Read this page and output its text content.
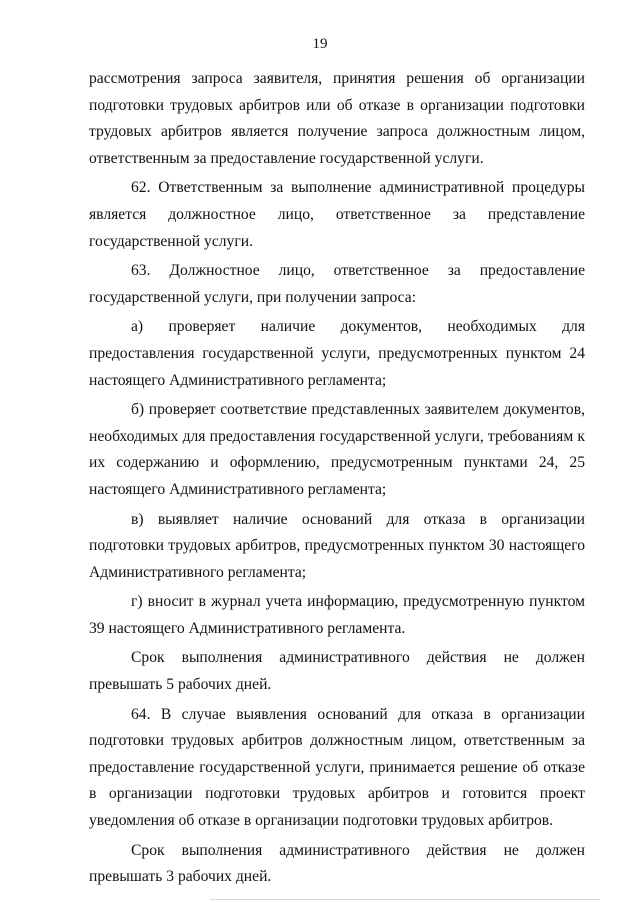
19

рассмотрения запроса заявителя, принятия решения об организации подготовки трудовых арбитров или об отказе в организации подготовки трудовых арбитров является получение запроса должностным лицом, ответственным за предоставление государственной услуги.

62. Ответственным за выполнение административной процедуры является должностное лицо, ответственное за представление государственной услуги.

63. Должностное лицо, ответственное за предоставление государственной услуги, при получении запроса:

а) проверяет наличие документов, необходимых для предоставления государственной услуги, предусмотренных пунктом 24 настоящего Административного регламента;

б) проверяет соответствие представленных заявителем документов, необходимых для предоставления государственной услуги, требованиям к их содержанию и оформлению, предусмотренным пунктами 24, 25 настоящего Административного регламента;

в) выявляет наличие оснований для отказа в организации подготовки трудовых арбитров, предусмотренных пунктом 30 настоящего Административного регламента;

г) вносит в журнал учета информацию, предусмотренную пунктом 39 настоящего Административного регламента.

Срок выполнения административного действия не должен превышать 5 рабочих дней.

64. В случае выявления оснований для отказа в организации подготовки трудовых арбитров должностным лицом, ответственным за предоставление государственной услуги, принимается решение об отказе в организации подготовки трудовых арбитров и готовится проект уведомления об отказе в организации подготовки трудовых арбитров.

Срок выполнения административного действия не должен превышать 3 рабочих дней.
